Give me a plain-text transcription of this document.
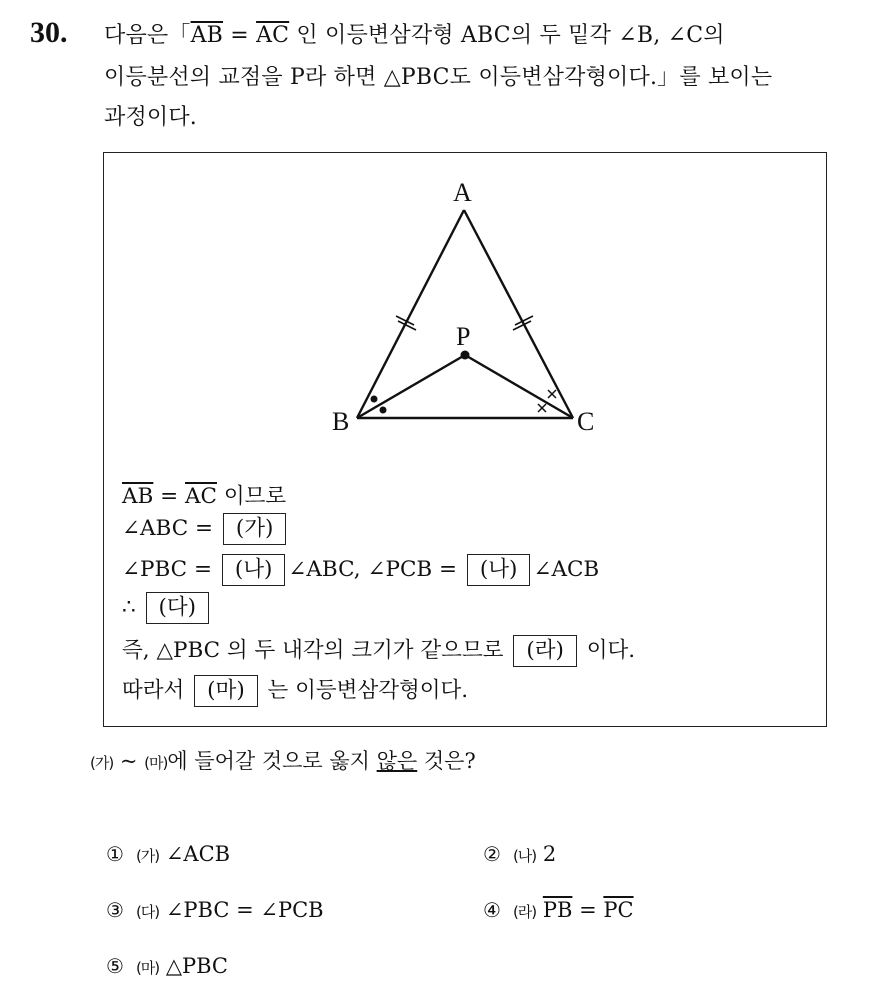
30. 다음은「$\overline{AB} = \overline{AC}$ 인 이등변삼각형 ABC의 두 밑각 ∠B, ∠C의
이등분선의 교점을 P라 하면 △PBC도 이등변삼각형이다.」를 보이는
과정이다.
A
B	C
P
$\overline{AB} = \overline{AC}$ 이므로
∠ABC = (가)
∠PBC = (나) ∠ABC, ∠PCB = (나) ∠ACB
∴ (다)
즉, △PBC 의 두 내각의 크기가 같으므로 (라) 이다.
따라서 (마) 는 이등변삼각형이다.
(가) ~ (마)에 들어갈 것으로 옳지 않은 것은?
① (가) ∠ACB	② (나) 2
③ (다) ∠PBC = ∠PCB	④ (라) $\overline{PB} = \overline{PC}$
⑤ (마) △PBC
